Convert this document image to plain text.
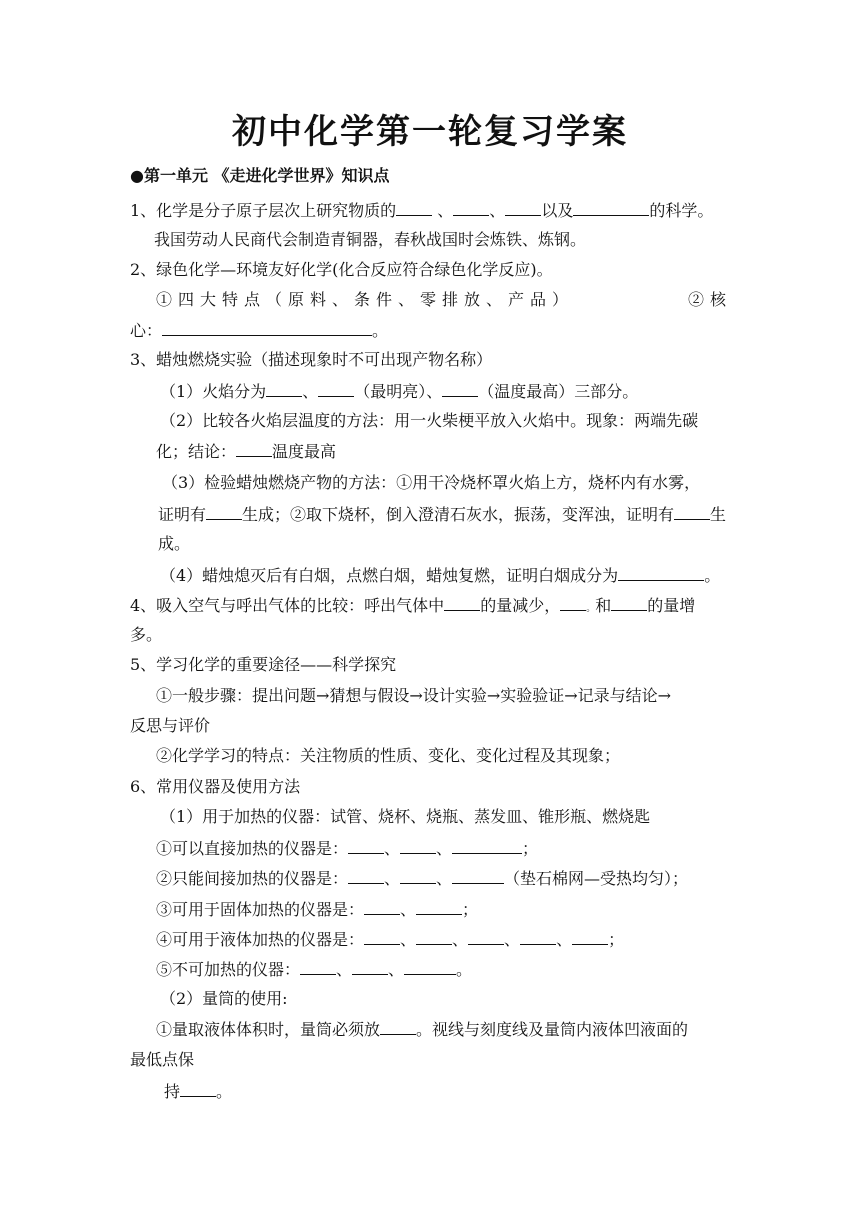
初中化学第一轮复习学案
●第一单元 《走进化学世界》知识点
1、化学是分子原子层次上研究物质的	、 、 以及	的科学。
我国劳动人民商代会制造青铜器，春秋战国时会炼铁、炼钢。
2、绿色化学—环境友好化学(化合反应符合绿色化学反应)。
①四大特点（原料、条件、零排放、产品）	②核
心：	。
3、蜡烛燃烧实验（描述现象时不可出现产物名称）
（1）火焰分为 、 （最明亮）、 （温度最高）三部分。
（2）比较各火焰层温度的方法：用一火柴梗平放入火焰中。现象：两端先碳
化；结论： 温度最高
（3）检验蜡烛燃烧产物的方法：①用干冷烧杯罩火焰上方，烧杯内有水雾，
证明有 生成；②取下烧杯，倒入澄清石灰水，振荡，变浑浊，证明有 生
成。
（4）蜡烛熄灭后有白烟，点燃白烟，蜡烛复燃，证明白烟成分为	。
4、吸入空气与呼出气体的比较：呼出气体中 的量减少，	。和 的量增
多。
5、学习化学的重要途径——科学探究
①一般步骤：提出问题→猜想与假设→设计实验→实验验证→记录与结论→
反思与评价
②化学学习的特点：关注物质的性质、变化、变化过程及其现象；
6、常用仪器及使用方法
（1）用于加热的仪器：试管、烧杯、烧瓶、蒸发皿、锥形瓶、燃烧匙
①可以直接加热的仪器是： 、 、	；
②只能间接加热的仪器是： 、 、	（垫石棉网—受热均匀）；
③可用于固体加热的仪器是： 、	；
④可用于液体加热的仪器是： 、 、 、 、 ；
⑤不可加热的仪器： 、 、	。
（2）量筒的使用:
①量取液体体积时，量筒必须放 。视线与刻度线及量筒内液体凹液面的
最低点保
持 。
